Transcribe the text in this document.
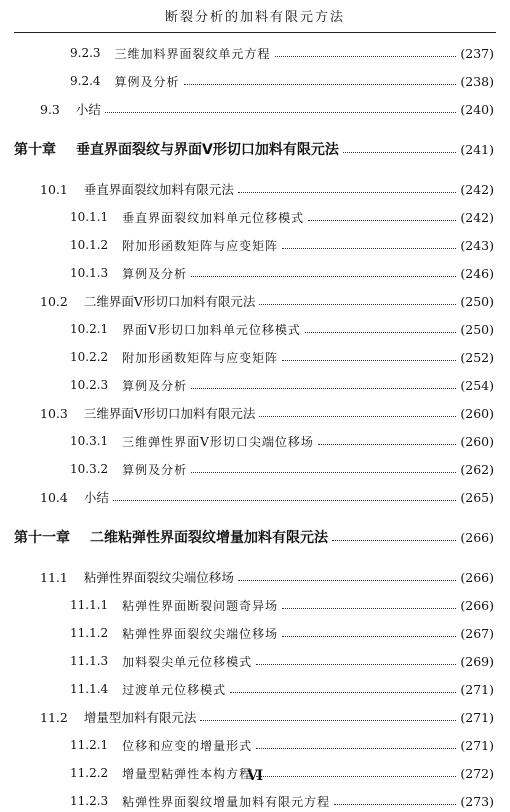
断裂分析的加料有限元方法
9.2.3 三维加料界面裂纹单元方程	(237)
9.2.4 算例及分析	(238)
9.3 小结	(240)
第十章 垂直界面裂纹与界面V形切口加料有限元法	(241)
10.1 垂直界面裂纹加料有限元法	(242)
10.1.1 垂直界面裂纹加料单元位移模式	(242)
10.1.2 附加形函数矩阵与应变矩阵	(243)
10.1.3 算例及分析	(246)
10.2 二维界面V形切口加料有限元法	(250)
10.2.1 界面V形切口加料单元位移模式	(250)
10.2.2 附加形函数矩阵与应变矩阵	(252)
10.2.3 算例及分析	(254)
10.3 三维界面V形切口加料有限元法	(260)
10.3.1 三维弹性界面V形切口尖端位移场	(260)
10.3.2 算例及分析	(262)
10.4 小结	(265)
第十一章 二维粘弹性界面裂纹增量加料有限元法	(266)
11.1 粘弹性界面裂纹尖端位移场	(266)
11.1.1 粘弹性界面断裂问题奇异场	(266)
11.1.2 粘弹性界面裂纹尖端位移场	(267)
11.1.3 加料裂尖单元位移模式	(269)
11.1.4 过渡单元位移模式	(271)
11.2 增量型加料有限元法	(271)
11.2.1 位移和应变的增量形式	(271)
11.2.2 增量型粘弹性本构方程	(272)
11.2.3 粘弹性界面裂纹增量加料有限元方程	(273)
Ⅵ
